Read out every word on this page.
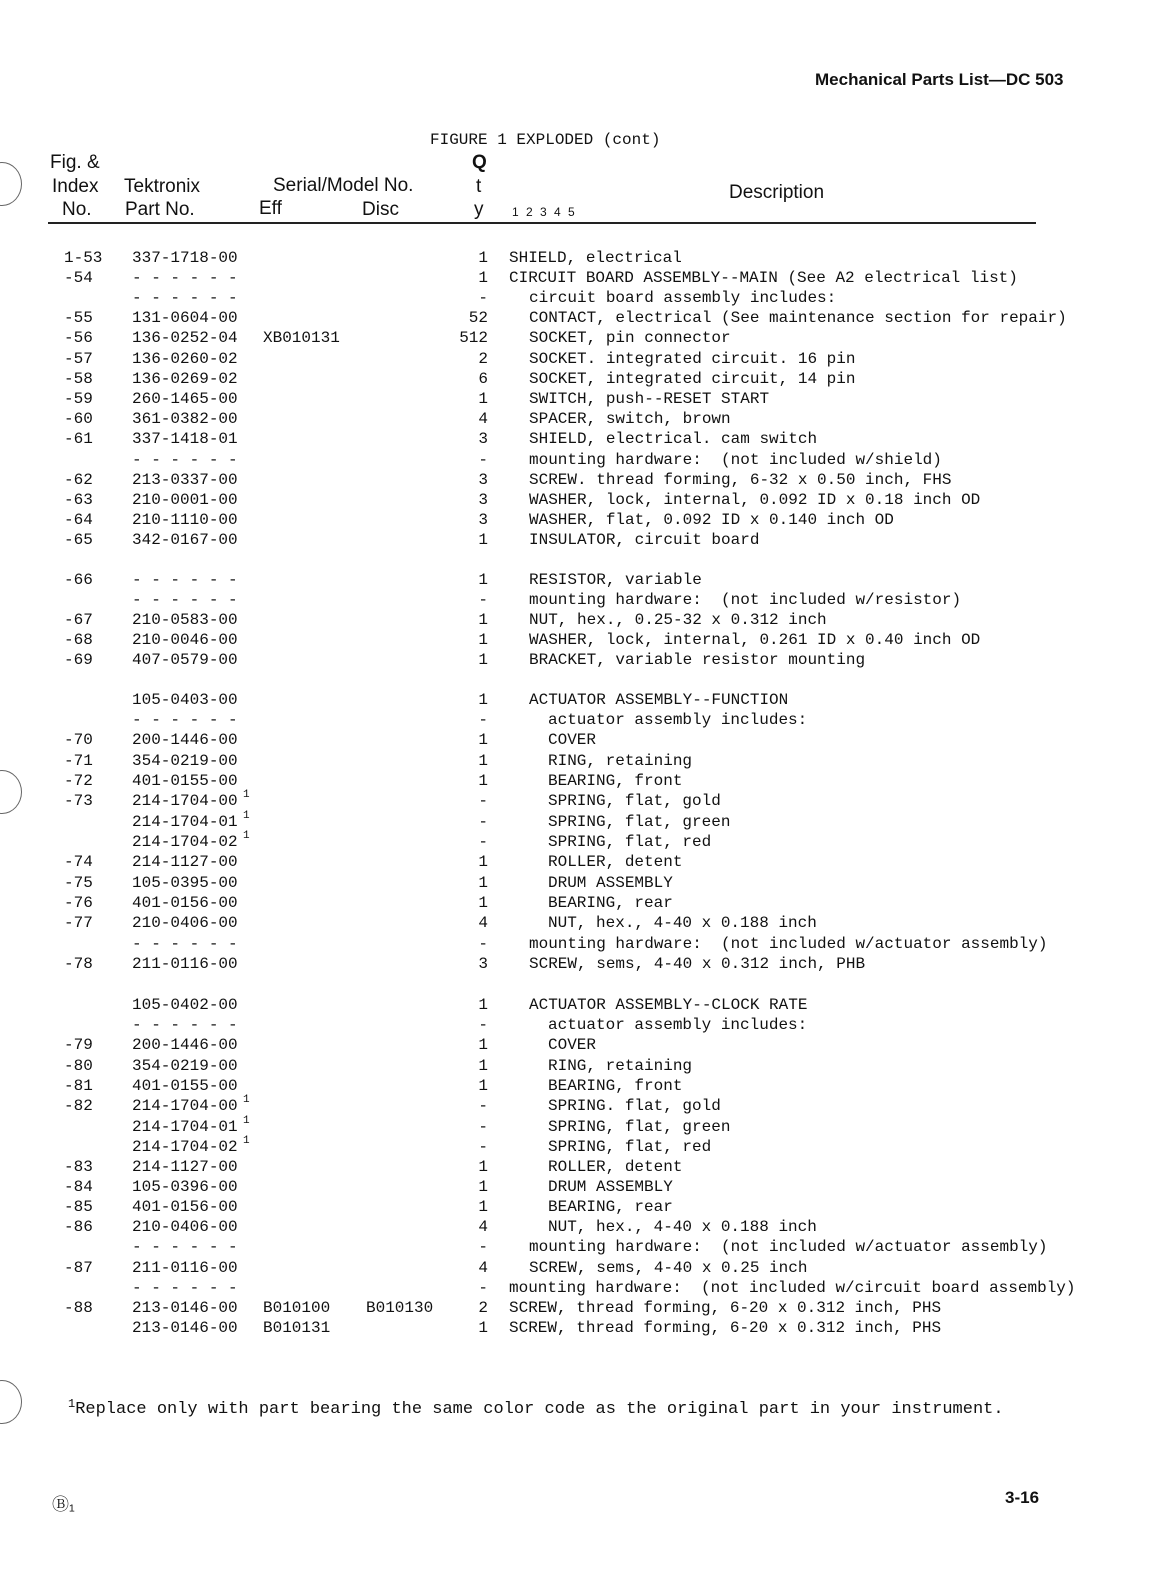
Mechanical Parts List—DC 503
FIGURE 1 EXPLODED (cont)
Fig. &
Index
No.
Tektronix
Part No.
Serial/Model No.
Eff	Disc
Q
t
y 1 2 3 4 5
Description
1-53 337-1718-00	1 SHIELD, electrical
-54 - - - - - -	1 CIRCUIT BOARD ASSEMBLY--MAIN (See A2 electrical list)
- - - - - -	-	circuit board assembly includes:
-55 131-0604-00	52	CONTACT, electrical (See maintenance section for repair)
-56 136-0252-04 XB010131	512	SOCKET, pin connector
-57 136-0260-02	2	SOCKET. integrated circuit. 16 pin
-58 136-0269-02	6	SOCKET, integrated circuit, 14 pin
-59 260-1465-00	1	SWITCH, push--RESET START
-60 361-0382-00	4	SPACER, switch, brown
-61 337-1418-01	3	SHIELD, electrical. cam switch
- - - - - -	-	mounting hardware:  (not included w/shield)
-62 213-0337-00	3	SCREW. thread forming, 6-32 x 0.50 inch, FHS
-63 210-0001-00	3	WASHER, lock, internal, 0.092 ID x 0.18 inch OD
-64 210-1110-00	3	WASHER, flat, 0.092 ID x 0.140 inch OD
-65 342-0167-00	1	INSULATOR, circuit board
-66 - - - - - -	1	RESISTOR, variable
- - - - - -	-	mounting hardware:  (not included w/resistor)
-67 210-0583-00	1	NUT, hex., 0.25-32 x 0.312 inch
-68 210-0046-00	1	WASHER, lock, internal, 0.261 ID x 0.40 inch OD
-69 407-0579-00	1	BRACKET, variable resistor mounting
105-0403-00	1	ACTUATOR ASSEMBLY--FUNCTION
- - - - - -	-	actuator assembly includes:
-70 200-1446-00	1	COVER
-71 354-0219-00	1	RING, retaining
-72 401-0155-00	1	BEARING, front
-73 214-1704-00 1	-	SPRING, flat, gold
214-1704-01 1	-	SPRING, flat, green
214-1704-02 1	-	SPRING, flat, red
-74 214-1127-00	1	ROLLER, detent
-75 105-0395-00	1	DRUM ASSEMBLY
-76 401-0156-00	1	BEARING, rear
-77 210-0406-00	4	NUT, hex., 4-40 x 0.188 inch
- - - - - -	-	mounting hardware:  (not included w/actuator assembly)
-78 211-0116-00	3	SCREW, sems, 4-40 x 0.312 inch, PHB
105-0402-00	1	ACTUATOR ASSEMBLY--CLOCK RATE
- - - - - -	-	actuator assembly includes:
-79 200-1446-00	1	COVER
-80 354-0219-00	1	RING, retaining
-81 401-0155-00	1	BEARING, front
-82 214-1704-00 1	-	SPRING. flat, gold
214-1704-01 1	-	SPRING, flat, green
214-1704-02 1	-	SPRING, flat, red
-83 214-1127-00	1	ROLLER, detent
-84 105-0396-00	1	DRUM ASSEMBLY
-85 401-0156-00	1	BEARING, rear
-86 210-0406-00	4	NUT, hex., 4-40 x 0.188 inch
- - - - - -	-	mounting hardware:  (not included w/actuator assembly)
-87 211-0116-00	4	SCREW, sems, 4-40 x 0.25 inch
- - - - - -	- mounting hardware:  (not included w/circuit board assembly)
-88 213-0146-00 B010100 B010130	2 SCREW, thread forming, 6-20 x 0.312 inch, PHS
213-0146-00 B010131	1 SCREW, thread forming, 6-20 x 0.312 inch, PHS
$^1$Replace only with part bearing the same color code as the original part in your instrument.
Ⓑ₁	3-16
